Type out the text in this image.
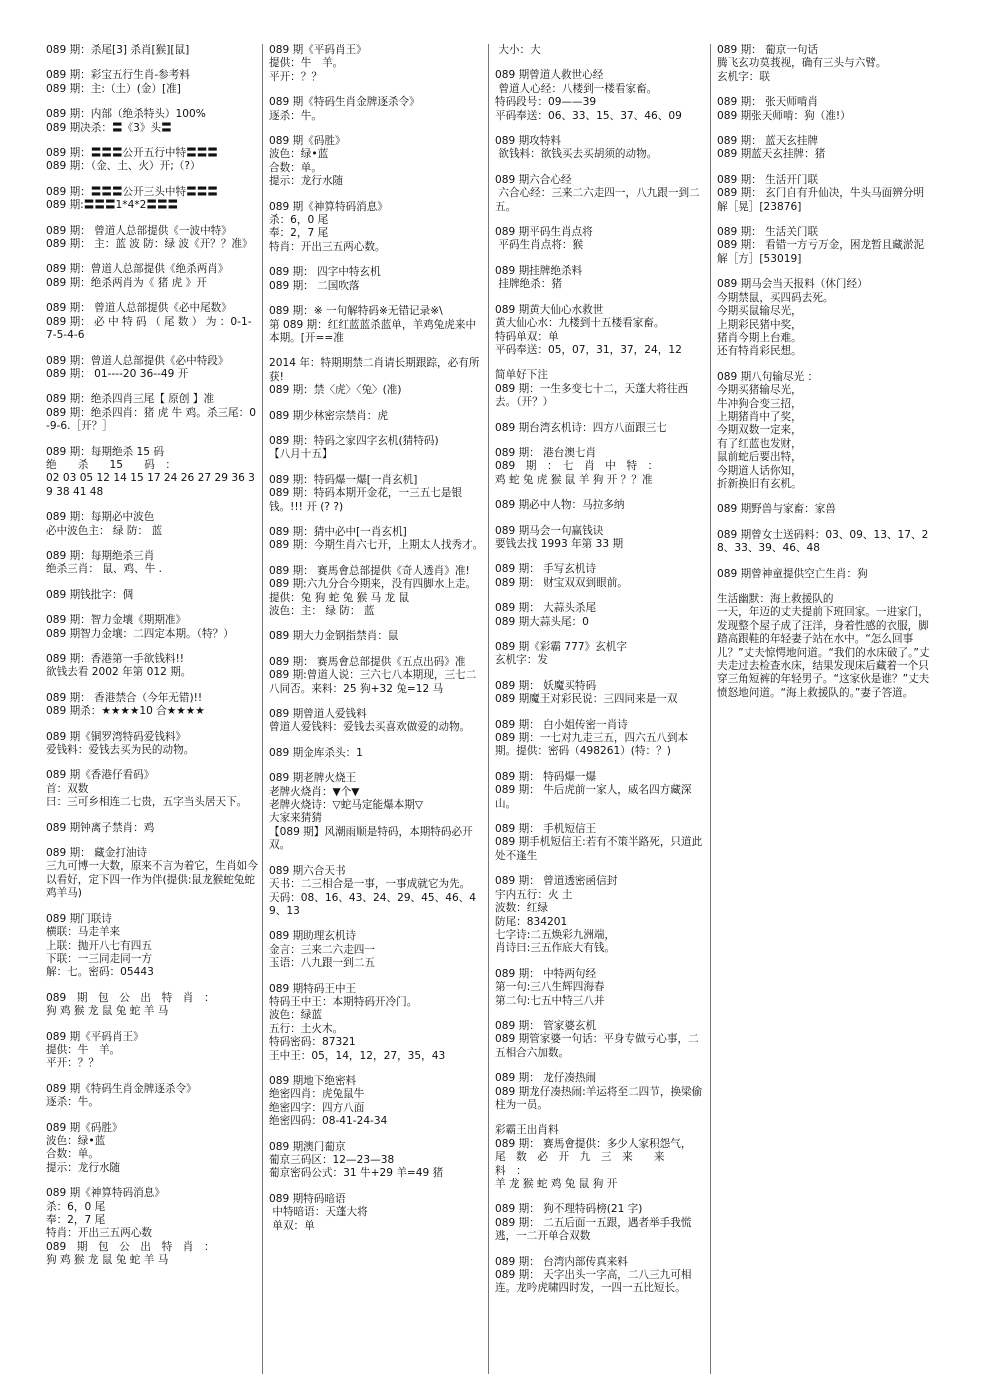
089 期：杀尾[3] 杀肖[猴][鼠]
089 期：彩宝五行生肖-参考料
089 期：主:（土）(金）[准]
089 期：内部（绝杀特头）100%
089 期决杀：〓《3》头〓
089 期：〓〓〓公开五行中特〓〓〓
089 期：（金、土、火）开;（?）
089 期：〓〓〓公开三头中特〓〓〓
089 期:〓〓〓1*4*2〓〓〓
089 期： 曾道人总部提供《一波中特》
089 期： 主：蓝 波 防：绿 波《开？？准》
089 期：曾道人总部提供《绝杀两肖》
089 期：绝杀两肖为《 猪 虎 》开
089 期： 曾道人总部提供《必中尾数》
089 期： 必 中 特 码 （ 尾 数 ） 为 ：0-1-7-5-4-6
089 期：曾道人总部提供《必中特段》
089 期： 01----20 36--49 开
089 期：绝杀四肖三尾【 原创 】准
089 期：绝杀四肖：猪 虎 牛 鸡。杀三尾：0-9-6.［开？］
089 期：每期绝杀 15 码
绝　　杀　　15　　码　：
02 03 05 12 14 15 17 24 26 27 29 36 39 38 41 48
089 期：每期必中波色
必中波色主： 绿 防： 蓝
089 期：每期绝杀三肖
绝杀三肖： 鼠、鸡、牛 .
089 期钱批字：倜
089 期：智力金壤《期期准》
089 期智力金壤：二四定本期。（特？）
089 期：香港第一手欲钱料!!
欲钱去看 2002 年第 012 期。
089 期： 香港禁合（今年无错)!!
089 期杀：★★★★10 合★★★★
089 期《铜罗湾特码爱钱料》
爱钱料：爱钱去买为民的动物。
089 期《香港仔看码》
首：双数
曰：三可乡相连二七贵，五字当头居天下。
089 期钟离子禁肖：鸡
089 期： 藏金打油诗
三九可博一大数，原来不言为着它，生肖如今以看好，定下四一作为伴(提供:鼠龙猴蛇兔蛇鸡羊马)
089 期门联诗
横联：马走羊来
上联：抛开八七有四五
下联：一三同走同一方
解：七。密码：05443
089　期　包　公　出　特　肖　：
狗 鸡 猴 龙 鼠 兔 蛇 羊 马
089 期《平码肖王》
提供：牛　羊。
平开：？？
089 期《特码生肖金牌逐杀令》
逐杀：牛。
089 期《码胜》
波色：绿•蓝
合数：单。
提示：龙行水随
089 期《神算特码消息》
杀：6，0 尾
奉：2，7 尾
特肖：开出三五两心数
089　期　包　公　出　特　肖　：
狗 鸡 猴 龙 鼠 兔 蛇 羊 马
089 期《平码肖王》
提供：牛　羊。
平开：？？
089 期《特码生肖金牌逐杀令》
逐杀：牛。
089 期《码胜》
波色：绿•蓝
合数：单。
提示：龙行水随
089 期《神算特码消息》
杀：6，0 尾
奉：2，7 尾
特肖：开出三五两心数。
089 期： 四字中特玄机
089 期： 二国吹落
089 期：※ 一句解特码※无错记录※\
第 089 期：红红蓝蓝杀蓝单，羊鸡兔虎来中本期。[开==准
2014 年：特期期禁二肖请长期跟踪，必有所获!
089 期：禁〈虎〉〈兔〉(准)
089 期少林密宗禁肖：虎
089 期：特码之家四字玄机(猜特码)
【八月十五】
089 期：特码爆一爆[一肖玄机]
089 期：特码本期开金花，一三五七是银钱。!!! 开 (? ?)
089 期：猜中必中[一肖玄机]
089 期：今期生肖六七开，上期太人找秀才。
089 期： 赛馬會总部提供《奇人透肖》准!
089 期:六九分合今期来，没有四脚水上走。
提供：兔 狗 蛇 兔 猴 马 龙 鼠
波色：主： 绿 防： 蓝
089 期大力金钢指禁肖：鼠
089 期： 赛馬會总部提供《五点出码》准
089 期:曾道人说：三六七八本期现，三七二八同否。来料：25 狗+32 兔=12 马
089 期曾道人爱钱料
曾道人爱钱料：爱钱去买喜欢做爱的动物。
089 期金库杀头：1
089 期老牌火烧王
老牌火烧肖：▼个▼
老牌火烧诗：▽蛇马定能爆本期▽
大家来猜猜
【089 期】风潮雨顺是特码，本期特码必开双。
089 期六合天书
天书：二三相合是一事，一事成就它为先。
天码：08、16、43、24、29、45、46、49、13
089 期助理玄机诗
金言：三来二六走四一
玉语：八九跟一到二五
089 期特码王中王
特码王中王：本期特码开冷门。
波色：绿蓝
五行：土火木。
特码密码：87321
王中王：05，14，12，27，35，43
089 期地下绝密料
绝密四肖：虎兔鼠牛
绝密四字：四方八面
绝密四码：08-41-24-34
089 期澳门葡京
葡京三码区：12—23—38
葡京密码公式：31 牛+29 羊=49 猪
089 期特码暗语
中特暗语：天蓬大将
单双：单
大小：大
089 期曾道人救世心经
曾道人心经：八楼到一楼看家畜。
特码段号：09——39
平码奉送：06、33、15、37、46、09
089 期攻特料
欲钱料：欲钱买去买胡须的动物。
089 期六合心经
六合心经：三来二六走四一，八九跟一到二五。
089 期平码生肖点将
平码生肖点将：猴
089 期挂牌绝杀料
挂牌绝杀：猪
089 期黄大仙心水救世
黄大仙心水：九楼到十五楼看家畜。
特码单双：单
平码奉送：05，07，31，37，24，12
简单好下注
089 期：一生多变七十二，天蓬大将往西去。（开？）
089 期台湾玄机诗：四方八面跟三七
089 期： 港台澳七肖
089　期　：　七　肖　中　特　：
鸡 蛇 兔 虎 猴 鼠 羊 狗 开 ？？准
089 期必中人物：马拉多纳
089 期马会一句赢钱诀
要钱去找 1993 年第 33 期
089 期： 手写玄机诗
089 期： 财宝双双到眼前。
089 期： 大蒜头杀尾
089 期大蒜头尾：0
089 期《彩霸 777》玄机字
玄机字：发
089 期： 妖魔买特码
089 期魔王对彩民说：三四同来是一双
089 期： 白小姐传密一肖诗
089 期：一七对九走三五，四六五八到本期。提供：密码（498261）(特：？)
089 期： 特码爆一爆
089 期： 牛后虎前一家人，威名四方藏深山。
089 期： 手机短信王
089 期手机短信王:若有不策半路死，只道此处不逢生
089 期： 曾道透密函信封
宇内五行：火 土
波数：红绿
防尾：834201
七字诗:二五焕彩九洲端，
肖诗曰:三五作底大有钱。
089 期： 中特两句经
第一句:三八生辉四海春
第二句:七五中特三八并
089 期： 管家婆玄机
089 期管家婆一句话：平身专做亏心事，二五相合六加数。
089 期： 龙仔凑热闹
089 期龙仔凑热闹:羊运将至二四节，换梁偷柱为一员。
彩霸王出肖料
089 期： 赛馬會提供：多少人家积怨气，
尾　数　必　开　九　三　来　　来　料　：
羊 龙 猴 蛇 鸡 兔 鼠 狗 开
089 期： 狗不理特码榜(21 字)
089 期： 二五后面一五跟，遇者举手我慌逃，一二开单合双数
089 期： 台湾内部传真来料
089 期： 天字出头一字高，二八三九可相连。龙吟虎啸四时发，一四一五比短长。
089 期： 葡京一句话
腾飞玄功莫莪视，确有三头与六臂。
玄机字：联
089 期： 张天师啃肖
089 期张天师啃：狗（准!）
089 期： 蓝天玄挂牌
089 期蓝天玄挂牌：猪
089 期： 生活开门联
089 期： 玄门自有升仙决，牛头马面辨分明
解［晃］[23876]
089 期： 生活关门联
089 期： 看错一方亏万金，困龙暂且藏淤泥
解［方］[53019]
089 期马会当天报料（休门经）
今期禁鼠，买四码去死。
今期买鼠输尽光，
上期彩民猪中奖，
猪肖今期上台难。
还有特肖彩民想。
089 期八句输尽光 ：
今期买猪输尽光，
牛冲狗合变三招，
上期猪肖中了奖，
今期双数一定来，
有了红蓝也发财，
鼠前蛇后要出特，
今期道人话你知，
折新换旧有玄机。
089 期野兽与家畜：家兽
089 期曾女士送码料：03、09、13、17、28、33、39、46、48
089 期曾神童提供空亡生肖：狗
生活幽默：海上救援队的
一天，年迈的丈夫提前下班回家。一进家门，发现整个屋子成了汪洋，身着性感的衣服，脚踏高跟鞋的年轻妻子站在水中。“怎么回事儿？”丈夫惊愕地问道。“我们的水床破了。”丈夫走过去检查水床，结果发现床后藏着一个只穿三角短裤的年轻男子。“这家伙是谁？”丈夫愤怒地问道。“海上救援队的。”妻子答道。
